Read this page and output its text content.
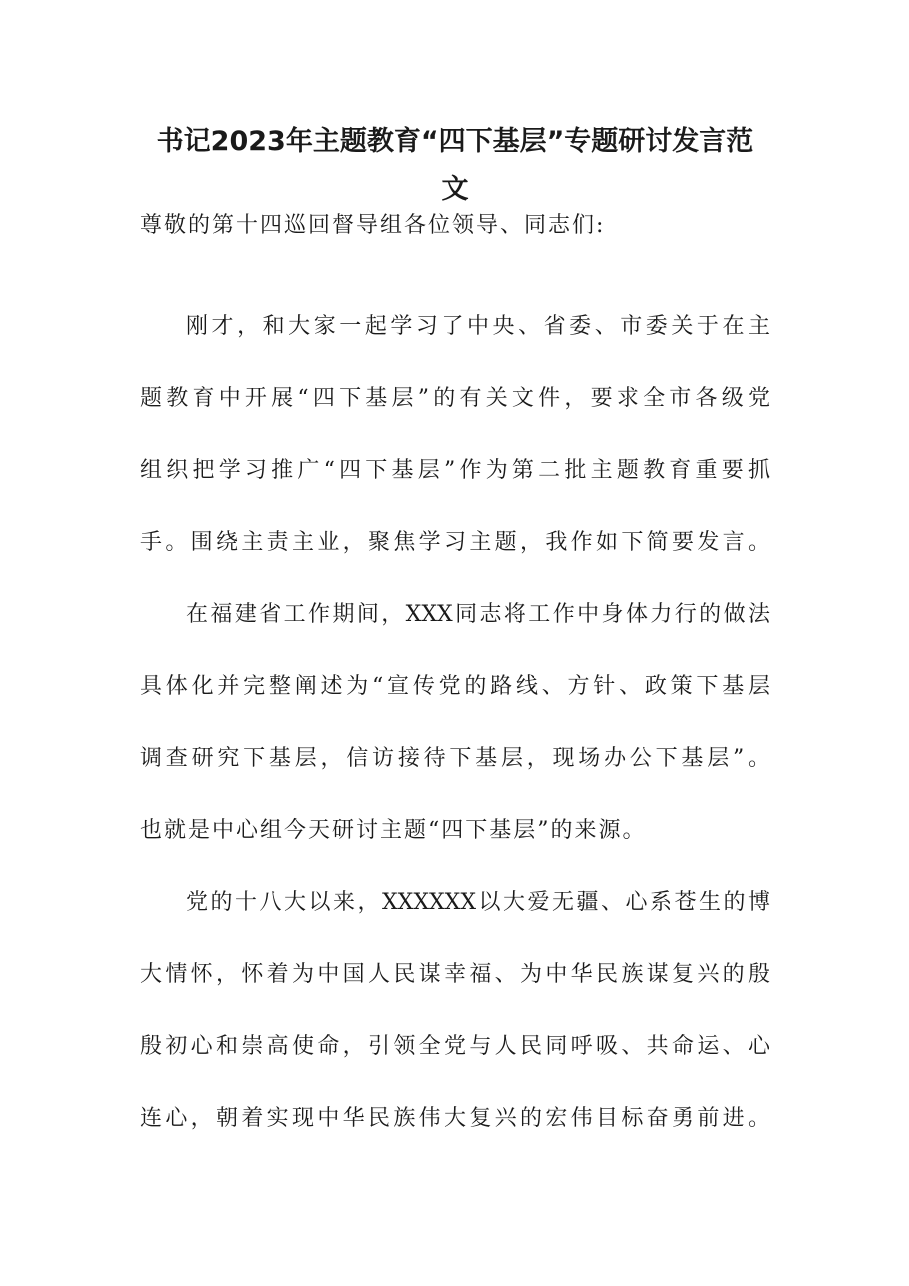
书记2023年主题教育“四下基层”专题研讨发言范
文

尊敬的第十四巡回督导组各位领导、同志们:

刚才，和大家一起学习了中央、省委、市委关于在主

题教育中开展“四下基层”的有关文件，要求全市各级党

组织把学习推广“四下基层”作为第二批主题教育重要抓

手。围绕主责主业，聚焦学习主题，我作如下简要发言。

在福建省工作期间，XXX同志将工作中身体力行的做法

具体化并完整阐述为“宣传党的路线、方针、政策下基层

调查研究下基层，信访接待下基层，现场办公下基层”。

也就是中心组今天研讨主题“四下基层”的来源。

党的十八大以来，XXXXXX以大爱无疆、心系苍生的博

大情怀，怀着为中国人民谋幸福、为中华民族谋复兴的殷

殷初心和崇高使命，引领全党与人民同呼吸、共命运、心

连心，朝着实现中华民族伟大复兴的宏伟目标奋勇前进。
